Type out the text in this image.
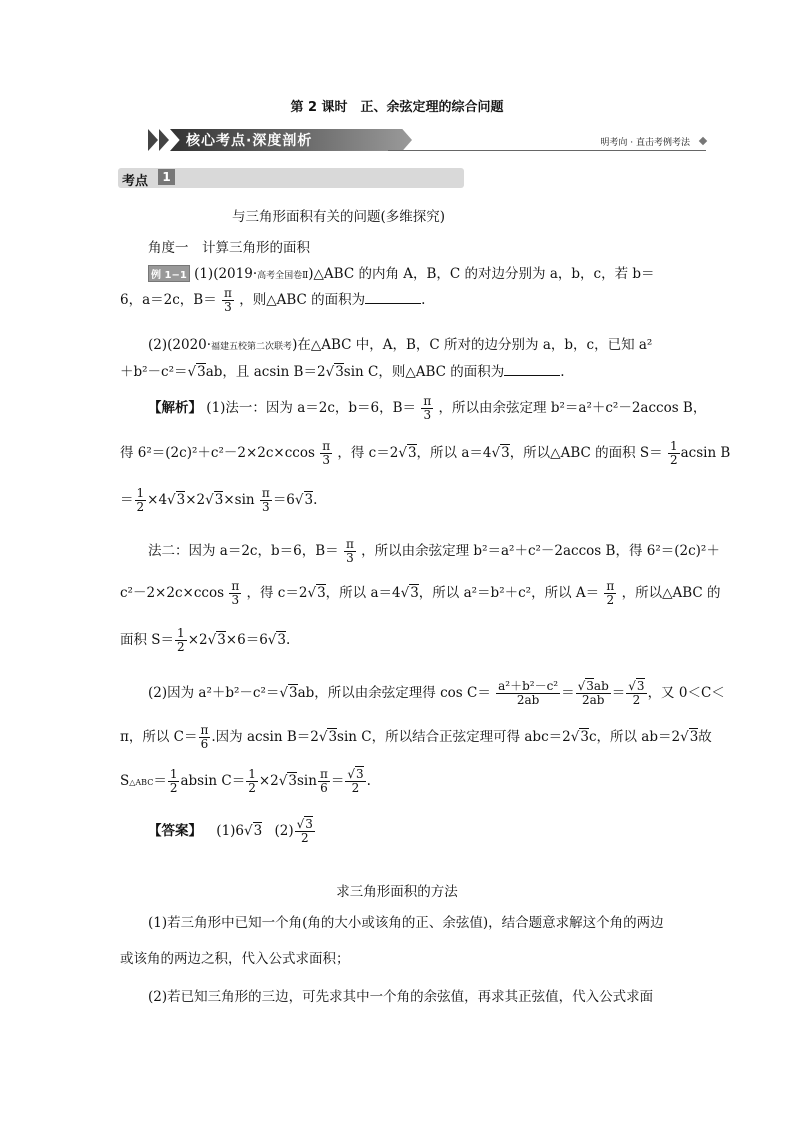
第 2 课时　正、余弦定理的综合问题
核心考点·深度剖析	明考向 · 直击考例考法
考点	1
与三角形面积有关的问题(多维探究)
角度一　计算三角形的面积
例 1−1 (1)(2019·高考全国卷Ⅱ)△ABC 的内角 A，B，C 的对边分别为 a，b，c，若 b＝
6，a＝2c，$B= \frac{\pi}{3}$ ，则△ABC 的面积为	.
(2)(2020·福建五校第二次联考)在△ABC 中，A，B，C 所对的边分别为 a，b，c，已知 a²
＋b²－c²＝√3ab，且 acsin B＝2√3sin C，则△ABC 的面积为	.
【解析】 (1)法一：因为 a＝2c，b＝6，$B= \frac{\pi}{3}$ ，所以由余弦定理 b²＝a²＋c²－2accos B，
得 $6^2=(2c)^2+c^2-2\times 2c\times ccos \frac{\pi}{3}$ ，得 c＝2√3，所以 a＝4√3，所以△ABC 的面积 $S= \frac{1}{2}$ acsin B
＝ $\frac{1}{2} \times 4√3\times 2√3\times\sin \frac{\pi}{3} =6√3$.
法二：因为 a＝2c，b＝6，$B= \frac{\pi}{3}$ ，所以由余弦定理 b²＝a²＋c²－2accos B，得 6²＝(2c)²＋
$c^2-2\times 2c\times ccos \frac{\pi}{3}$ ，得 c＝2√3，所以 a＝4√3，所以 a²＝b²＋c²，所以 $A= \frac{\pi}{2}$ ，所以△ABC 的
面积 $S= \frac{1}{2} \times 2√3\times 6=6√3$.
(2)因为 a²＋b²－c²＝√3ab，所以由余弦定理得 $\cos C= \frac{\text{a²＋b²－c²}}{2ab} = \frac{√3ab}{2ab} = \frac{√3}{2}$ ，又 0＜C＜
π，所以 $C= \frac{\pi}{6}$ .因为 acsin B＝2√3sin C，所以结合正弦定理可得 abc＝2√3c，所以 ab＝2√3故
S△ABC＝ $\frac{1}{2}$ absin $C= \frac{1}{2} \times 2√3\sin \frac{\pi}{6} = \frac{√3}{2}$ .
【答案】 (1)6√3 $(2) \frac{√3}{2}$
求三角形面积的方法
(1)若三角形中已知一个角(角的大小或该角的正、余弦值)，结合题意求解这个角的两边
或该角的两边之积，代入公式求面积；
(2)若已知三角形的三边，可先求其中一个角的余弦值，再求其正弦值，代入公式求面
